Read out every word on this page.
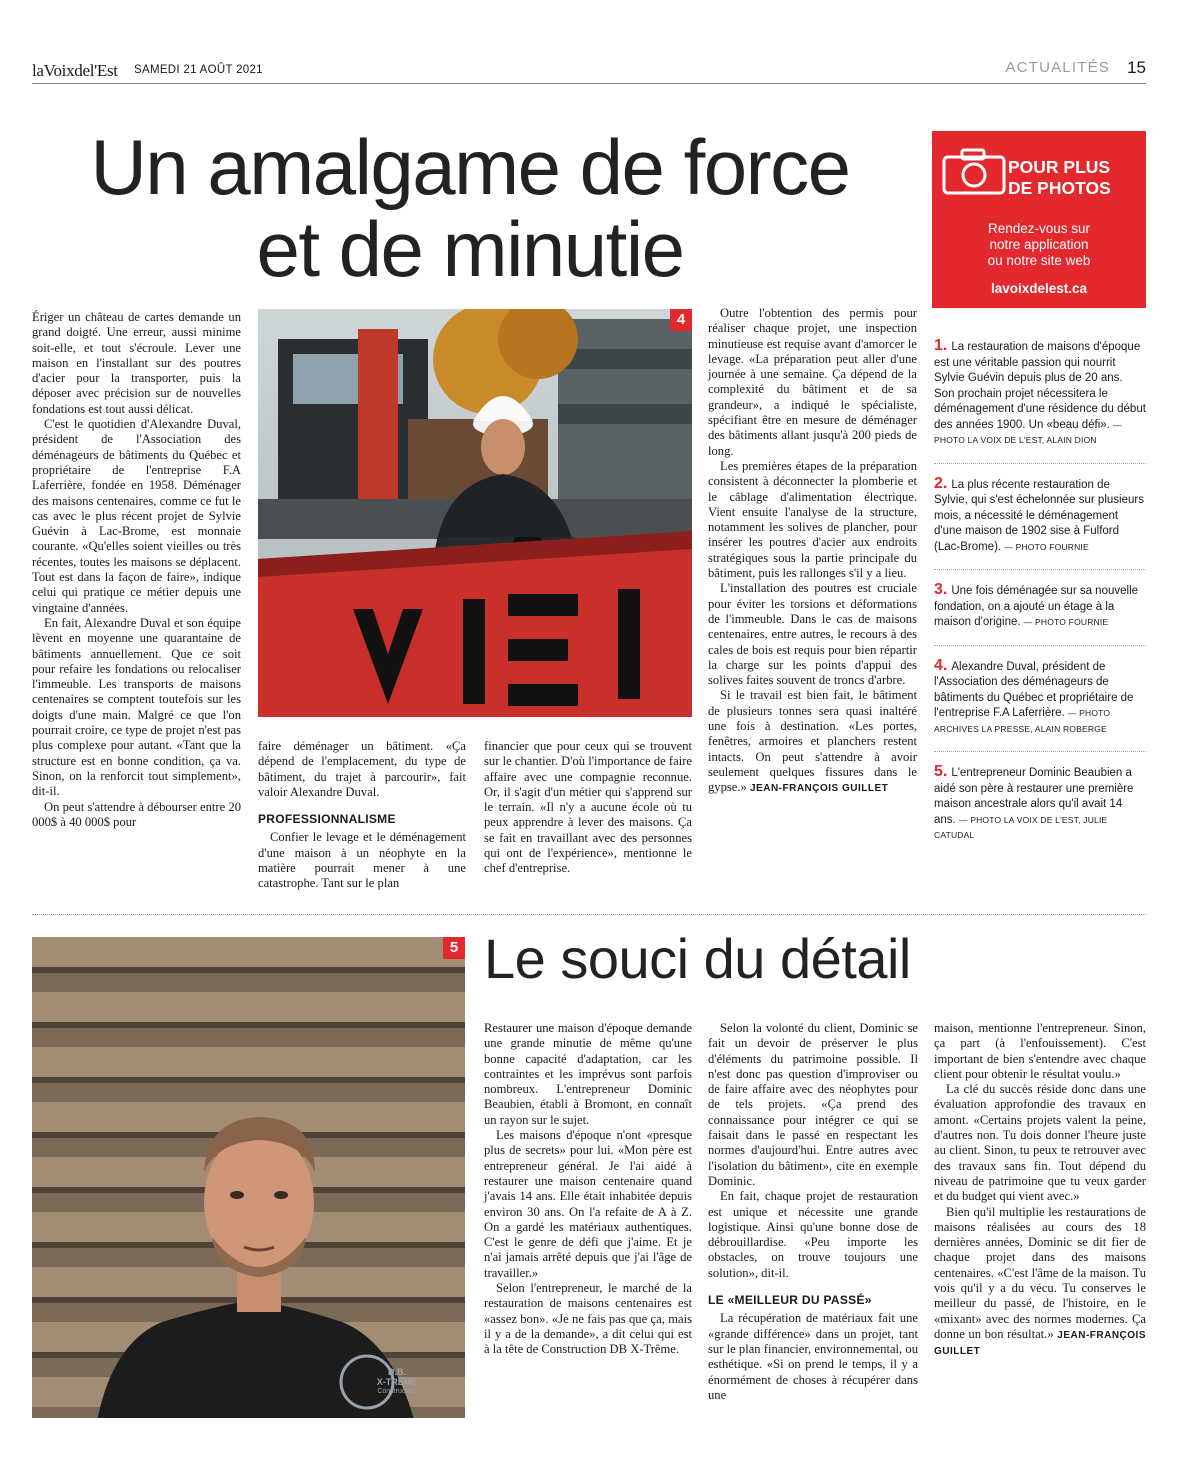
laVoixdel'Est SAMEDI 21 AOÛT 2021	ACTUALITÉS 15
Un amalgame de force
et de minutie
POUR PLUS
DE PHOTOS
Rendez-vous sur notre application ou notre site web
lavoixdelest.ca
4

Ériger un château de cartes demande un grand doigté. Une erreur, aussi minime soit-elle, et tout s'écroule. Lever une maison en l'installant sur des poutres d'acier pour la transporter, puis la déposer avec précision sur de nouvelles fondations est tout aussi délicat.

C'est le quotidien d'Alexandre Duval, président de l'Association des déménageurs de bâtiments du Québec et propriétaire de l'entreprise F.A Laferrière, fondée en 1958. Déménager des maisons centenaires, comme ce fut le cas avec le plus récent projet de Sylvie Guévin à Lac-Brome, est monnaie courante. «Qu'elles soient vieilles ou très récentes, toutes les maisons se déplacent. Tout est dans la façon de faire», indique celui qui pratique ce métier depuis une vingtaine d'années.

En fait, Alexandre Duval et son équipe lèvent en moyenne une quarantaine de bâtiments annuellement. Que ce soit pour refaire les fondations ou relocaliser l'immeuble. Les transports de maisons centenaires se comptent toutefois sur les doigts d'une main. Malgré ce que l'on pourrait croire, ce type de projet n'est pas plus complexe pour autant. «Tant que la structure est en bonne condition, ça va. Sinon, on la renforcit tout simplement», dit-il.

On peut s'attendre à débourser entre 20 000$ à 40 000$ pour

faire déménager un bâtiment. «Ça dépend de l'emplacement, du type de bâtiment, du trajet à parcourir», fait valoir Alexandre Duval.

PROFESSIONNALISME

Confier le levage et le déménagement d'une maison à un néophyte en la matière pourrait mener à une catastrophe. Tant sur le plan

financier que pour ceux qui se trouvent sur le chantier. D'où l'importance de faire affaire avec une compagnie reconnue. Or, il s'agit d'un métier qui s'apprend sur le terrain. «Il n'y a aucune école où tu peux apprendre à lever des maisons. Ça se fait en travaillant avec des personnes qui ont de l'expérience», mentionne le chef d'entreprise.

Outre l'obtention des permis pour réaliser chaque projet, une inspection minutieuse est requise avant d'amorcer le levage. «La préparation peut aller d'une journée à une semaine. Ça dépend de la complexité du bâtiment et de sa grandeur», a indiqué le spécialiste, spécifiant être en mesure de déménager des bâtiments allant jusqu'à 200 pieds de long.

Les premières étapes de la préparation consistent à déconnecter la plomberie et le câblage d'alimentation électrique. Vient ensuite l'analyse de la structure, notamment les solives de plancher, pour insérer les poutres d'acier aux endroits stratégiques sous la partie principale du bâtiment, puis les rallonges s'il y a lieu.

L'installation des poutres est cruciale pour éviter les torsions et déformations de l'immeuble. Dans le cas de maisons centenaires, entre autres, le recours à des cales de bois est requis pour bien répartir la charge sur les points d'appui des solives faites souvent de troncs d'arbre.

Si le travail est bien fait, le bâtiment de plusieurs tonnes sera quasi inaltéré une fois à destination. «Les portes, fenêtres, armoires et planchers restent intacts. On peut s'attendre à avoir seulement quelques fissures dans le gypse.» JEAN-FRANÇOIS GUILLET

1. La restauration de maisons d'époque est une véritable passion qui nourrit Sylvie Guévin depuis plus de 20 ans. Son prochain projet nécessitera le déménagement d'une résidence du début des années 1900. Un «beau défi». — PHOTO LA VOIX DE L'EST, ALAIN DION
2. La plus récente restauration de Sylvie, qui s'est échelonnée sur plusieurs mois, a nécessité le déménagement d'une maison de 1902 sise à Fulford (Lac-Brome). — PHOTO FOURNIE
3. Une fois déménagée sur sa nouvelle fondation, on a ajouté un étage à la maison d'origine. — PHOTO FOURNIE
4. Alexandre Duval, président de l'Association des déménageurs de bâtiments du Québec et propriétaire de l'entreprise F.A Laferrière. — PHOTO ARCHIVES LA PRESSE, ALAIN ROBERGE
5. L'entrepreneur Dominic Beaubien a aidé son père à restaurer une première maison ancestrale alors qu'il avait 14 ans. — PHOTO LA VOIX DE L'EST, JULIE CATUDAL
D.B.
X-TRÊME
Construction
5 Le souci du détail

Restaurer une maison d'époque demande une grande minutie de même qu'une bonne capacité d'adaptation, car les contraintes et les imprévus sont parfois nombreux. L'entrepreneur Dominic Beaubien, établi à Bromont, en connaît un rayon sur le sujet.

Les maisons d'époque n'ont «presque plus de secrets» pour lui. «Mon père est entrepreneur général. Je l'ai aidé à restaurer une maison centenaire quand j'avais 14 ans. Elle était inhabitée depuis environ 30 ans. On l'a refaite de A à Z. On a gardé les matériaux authentiques. C'est le genre de défi que j'aime. Et je n'ai jamais arrêté depuis que j'ai l'âge de travailler.»

Selon l'entrepreneur, le marché de la restauration de maisons centenaires est «assez bon». «Je ne fais pas que ça, mais il y a de la demande», a dit celui qui est à la tête de Construction DB X-Trême.

Selon la volonté du client, Dominic se fait un devoir de préserver le plus d'éléments du patrimoine possible. Il n'est donc pas question d'improviser ou de faire affaire avec des néophytes pour de tels projets. «Ça prend des connaissance pour intégrer ce qui se faisait dans le passé en respectant les normes d'aujourd'hui. Entre autres avec l'isolation du bâtiment», cite en exemple Dominic.

En fait, chaque projet de restauration est unique et nécessite une grande logistique. Ainsi qu'une bonne dose de débrouillardise. «Peu importe les obstacles, on trouve toujours une solution», dit-il.

LE «MEILLEUR DU PASSÉ»

La récupération de matériaux fait une «grande différence» dans un projet, tant sur le plan financier, environnemental, ou esthétique. «Si on prend le temps, il y a énormément de choses à récupérer dans une

maison, mentionne l'entrepreneur. Sinon, ça part (à l'enfouissement). C'est important de bien s'entendre avec chaque client pour obtenir le résultat voulu.»

La clé du succès réside donc dans une évaluation approfondie des travaux en amont. «Certains projets valent la peine, d'autres non. Tu dois donner l'heure juste au client. Sinon, tu peux te retrouver avec des travaux sans fin. Tout dépend du niveau de patrimoine que tu veux garder et du budget qui vient avec.»

Bien qu'il multiplie les restaurations de maisons réalisées au cours des 18 dernières années, Dominic se dit fier de chaque projet dans des maisons centenaires. «C'est l'âme de la maison. Tu vois qu'il y a du vécu. Tu conserves le meilleur du passé, de l'histoire, en le «mixant» avec des normes modernes. Ça donne un bon résultat.» JEAN-FRANÇOIS GUILLET
